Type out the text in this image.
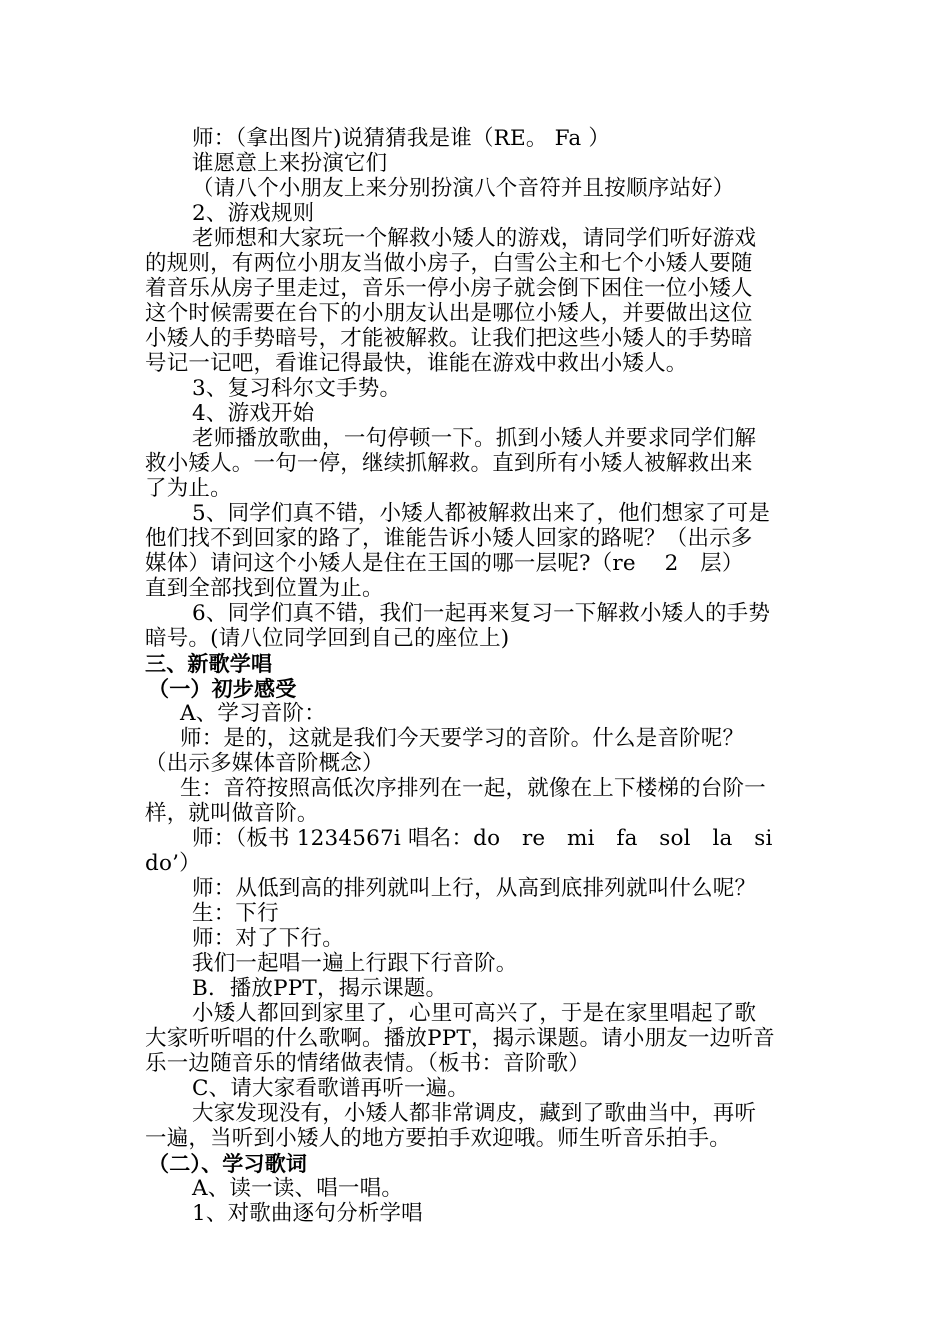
师：（拿出图片)说猜猜我是谁（RE。 Fa ）
谁愿意上来扮演它们
（请八个小朋友上来分别扮演八个音符并且按顺序站好）
2、游戏规则
老师想和大家玩一个解救小矮人的游戏，请同学们听好游戏
的规则，有两位小朋友当做小房子，白雪公主和七个小矮人要随
着音乐从房子里走过，音乐一停小房子就会倒下困住一位小矮人
这个时候需要在台下的小朋友认出是哪位小矮人，并要做出这位
小矮人的手势暗号，才能被解救。让我们把这些小矮人的手势暗
号记一记吧，看谁记得最快，谁能在游戏中救出小矮人。
3、复习科尔文手势。
4、游戏开始
老师播放歌曲，一句停顿一下。抓到小矮人并要求同学们解
救小矮人。一句一停，继续抓解救。直到所有小矮人被解救出来
了为止。
5、同学们真不错，小矮人都被解救出来了，他们想家了可是
他们找不到回家的路了，谁能告诉小矮人回家的路呢？（出示多
媒体）请问这个小矮人是住在王国的哪一层呢?（re　 2　层）
直到全部找到位置为止。
6、同学们真不错，我们一起再来复习一下解救小矮人的手势
暗号。(请八位同学回到自己的座位上)
三、新歌学唱
（一）初步感受
A、学习音阶：
师：是的，这就是我们今天要学习的音阶。什么是音阶呢？
（出示多媒体音阶概念）
生：音符按照高低次序排列在一起，就像在上下楼梯的台阶一
样，就叫做音阶。
师：（板书 1234567i 唱名：do　re　mi　fa　sol　la　si
do’）
师：从低到高的排列就叫上行，从高到底排列就叫什么呢？
生：下行
师：对了下行。
我们一起唱一遍上行跟下行音阶。
B．播放PPT，揭示课题。
小矮人都回到家里了，心里可高兴了，于是在家里唱起了歌
大家听听唱的什么歌啊。播放PPT，揭示课题。请小朋友一边听音
乐一边随音乐的情绪做表情。（板书：音阶歌）
C、请大家看歌谱再听一遍。
大家发现没有，小矮人都非常调皮，藏到了歌曲当中，再听
一遍，当听到小矮人的地方要拍手欢迎哦。师生听音乐拍手。
（二）、学习歌词
A、读一读、唱一唱。
1、对歌曲逐句分析学唱
